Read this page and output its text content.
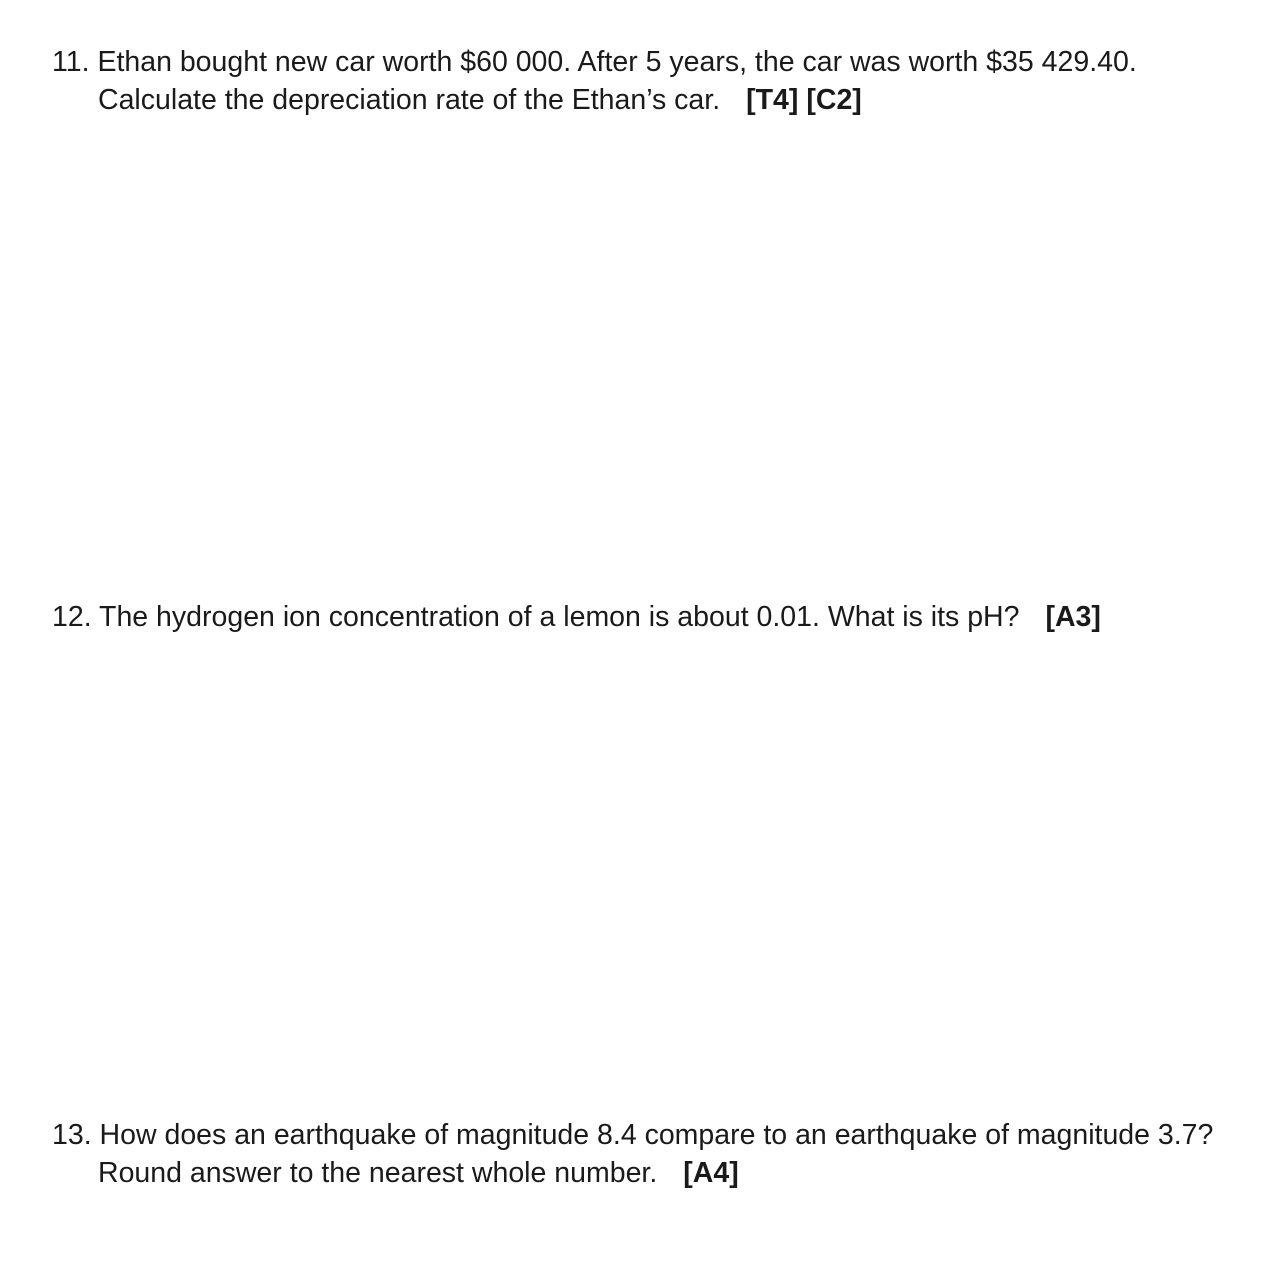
11. Ethan bought new car worth $60 000. After 5 years, the car was worth $35 429.40.
Calculate the depreciation rate of the Ethan’s car. [T4] [C2]
12. The hydrogen ion concentration of a lemon is about 0.01. What is its pH? [A3]
13. How does an earthquake of magnitude 8.4 compare to an earthquake of magnitude 3.7?
Round answer to the nearest whole number. [A4]
